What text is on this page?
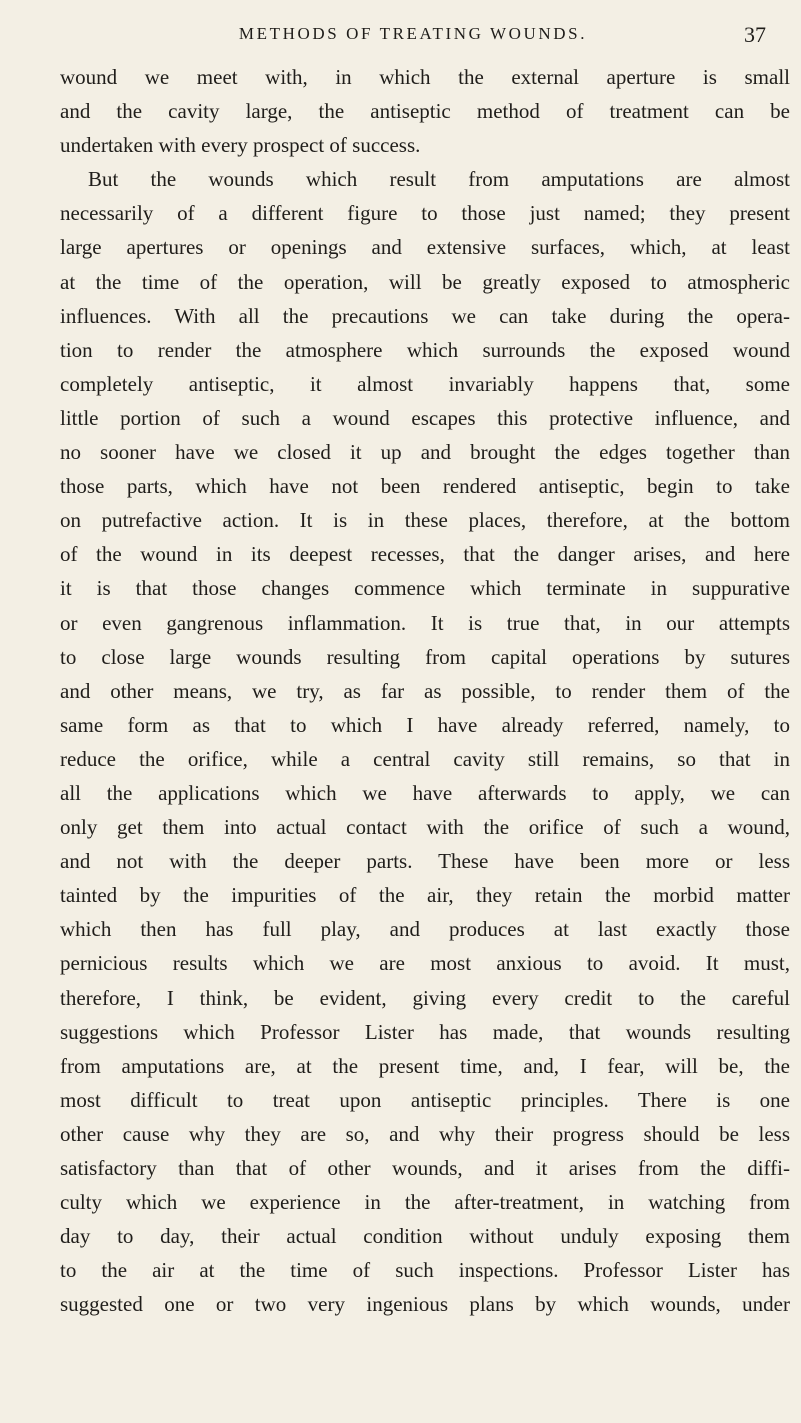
METHODS OF TREATING WOUNDS.	37
wound we meet with, in which the external aperture is small
and the cavity large, the antiseptic method of treatment can be
undertaken with every prospect of success.
But the wounds which result from amputations are almost
necessarily of a different figure to those just named; they present
large apertures or openings and extensive surfaces, which, at least
at the time of the operation, will be greatly exposed to atmospheric
influences. With all the precautions we can take during the opera-
tion to render the atmosphere which surrounds the exposed wound
completely antiseptic, it almost invariably happens that, some
little portion of such a wound escapes this protective influence, and
no sooner have we closed it up and brought the edges together than
those parts, which have not been rendered antiseptic, begin to take
on putrefactive action. It is in these places, therefore, at the bottom
of the wound in its deepest recesses, that the danger arises, and here
it is that those changes commence which terminate in suppurative
or even gangrenous inflammation. It is true that, in our attempts
to close large wounds resulting from capital operations by sutures
and other means, we try, as far as possible, to render them of the
same form as that to which I have already referred, namely, to
reduce the orifice, while a central cavity still remains, so that in
all the applications which we have afterwards to apply, we can
only get them into actual contact with the orifice of such a wound,
and not with the deeper parts. These have been more or less
tainted by the impurities of the air, they retain the morbid matter
which then has full play, and produces at last exactly those
pernicious results which we are most anxious to avoid. It must,
therefore, I think, be evident, giving every credit to the careful
suggestions which Professor Lister has made, that wounds resulting
from amputations are, at the present time, and, I fear, will be, the
most difficult to treat upon antiseptic principles. There is one
other cause why they are so, and why their progress should be less
satisfactory than that of other wounds, and it arises from the diffi-
culty which we experience in the after-treatment, in watching from
day to day, their actual condition without unduly exposing them
to the air at the time of such inspections. Professor Lister has
suggested one or two very ingenious plans by which wounds, under
